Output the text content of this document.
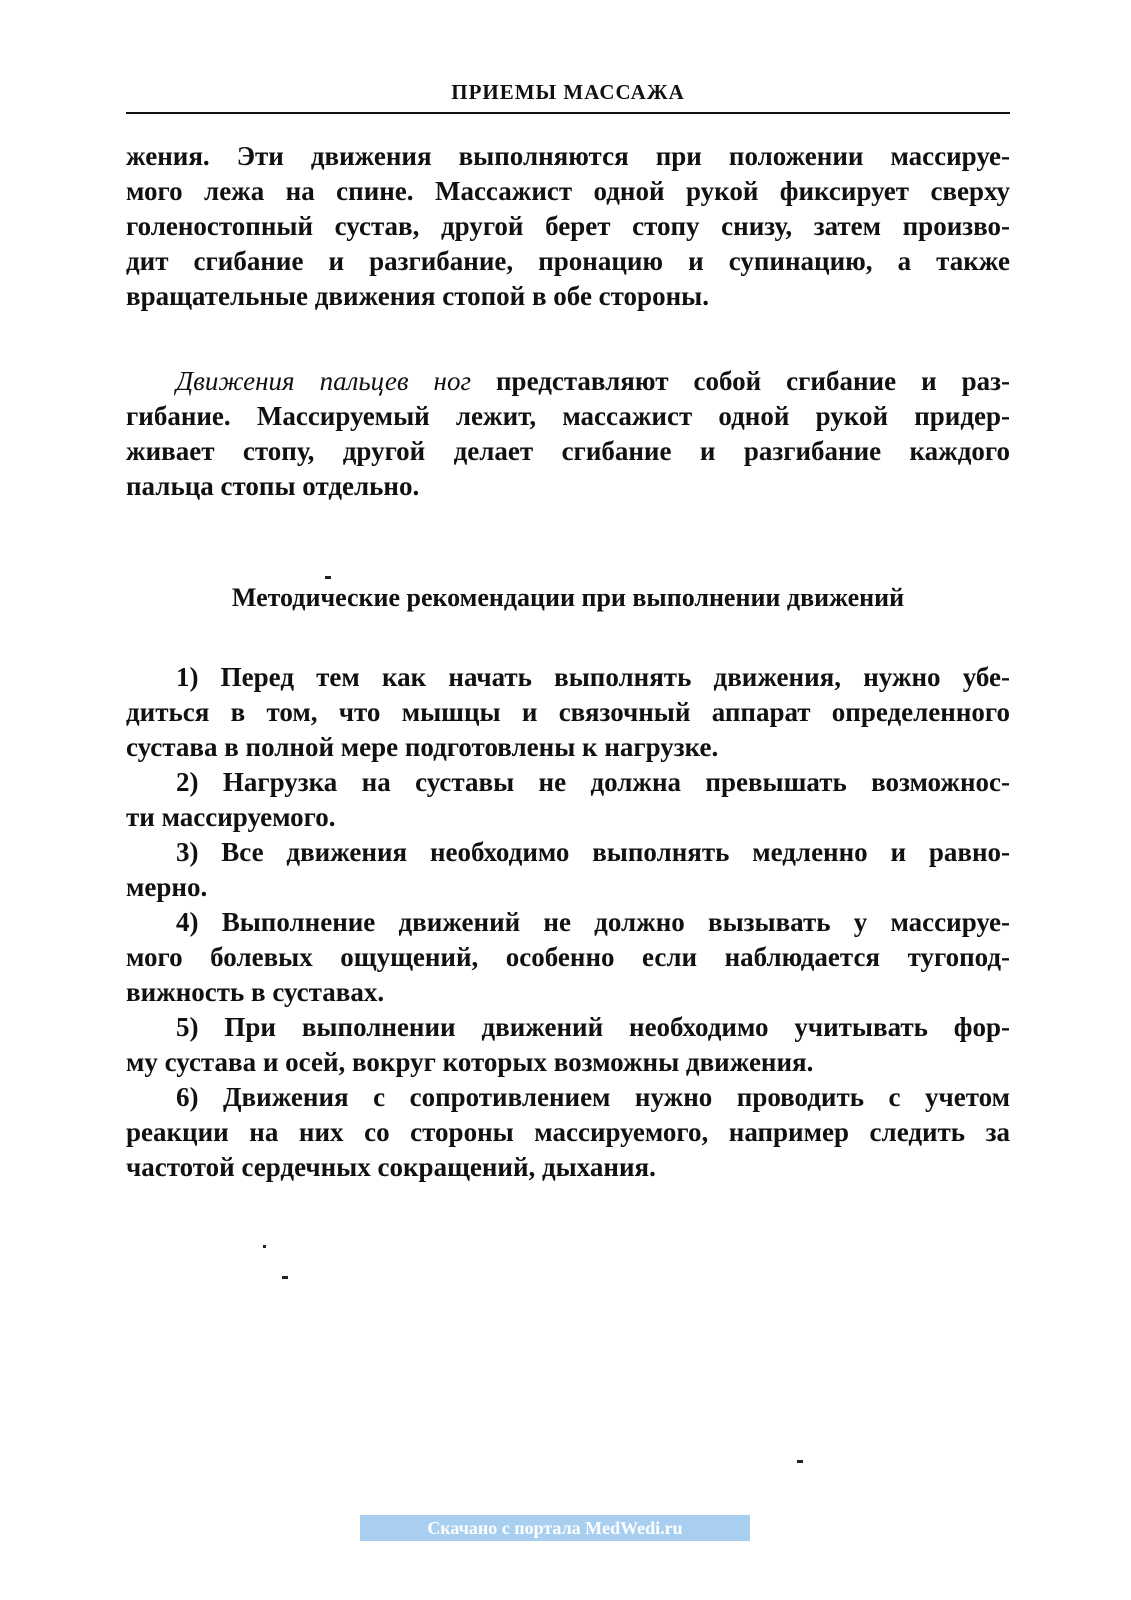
ПРИЕМЫ МАССАЖА
жения. Эти движения выполняются при положении массируе-
мого лежа на спине. Массажист одной рукой фиксирует сверху
голеностопный сустав, другой берет стопу снизу, затем произво-
дит сгибание и разгибание, пронацию и супинацию, а также
вращательные движения стопой в обе стороны.
Движения пальцев ног представляют собой сгибание и раз-
гибание. Массируемый лежит, массажист одной рукой придер-
живает стопу, другой делает сгибание и разгибание каждого
пальца стопы отдельно.
Методические рекомендации при выполнении движений
1) Перед тем как начать выполнять движения, нужно убе-
диться в том, что мышцы и связочный аппарат определенного
сустава в полной мере подготовлены к нагрузке.
2) Нагрузка на суставы не должна превышать возможнос-
ти массируемого.
3) Все движения необходимо выполнять медленно и равно-
мерно.
4) Выполнение движений не должно вызывать у массируе-
мого болевых ощущений, особенно если наблюдается тугопод-
вижность в суставах.
5) При выполнении движений необходимо учитывать фор-
му сустава и осей, вокруг которых возможны движения.
6) Движения с сопротивлением нужно проводить с учетом
реакции на них со стороны массируемого, например следить за
частотой сердечных сокращений, дыхания.
Скачано с портала MedWedi.ru
